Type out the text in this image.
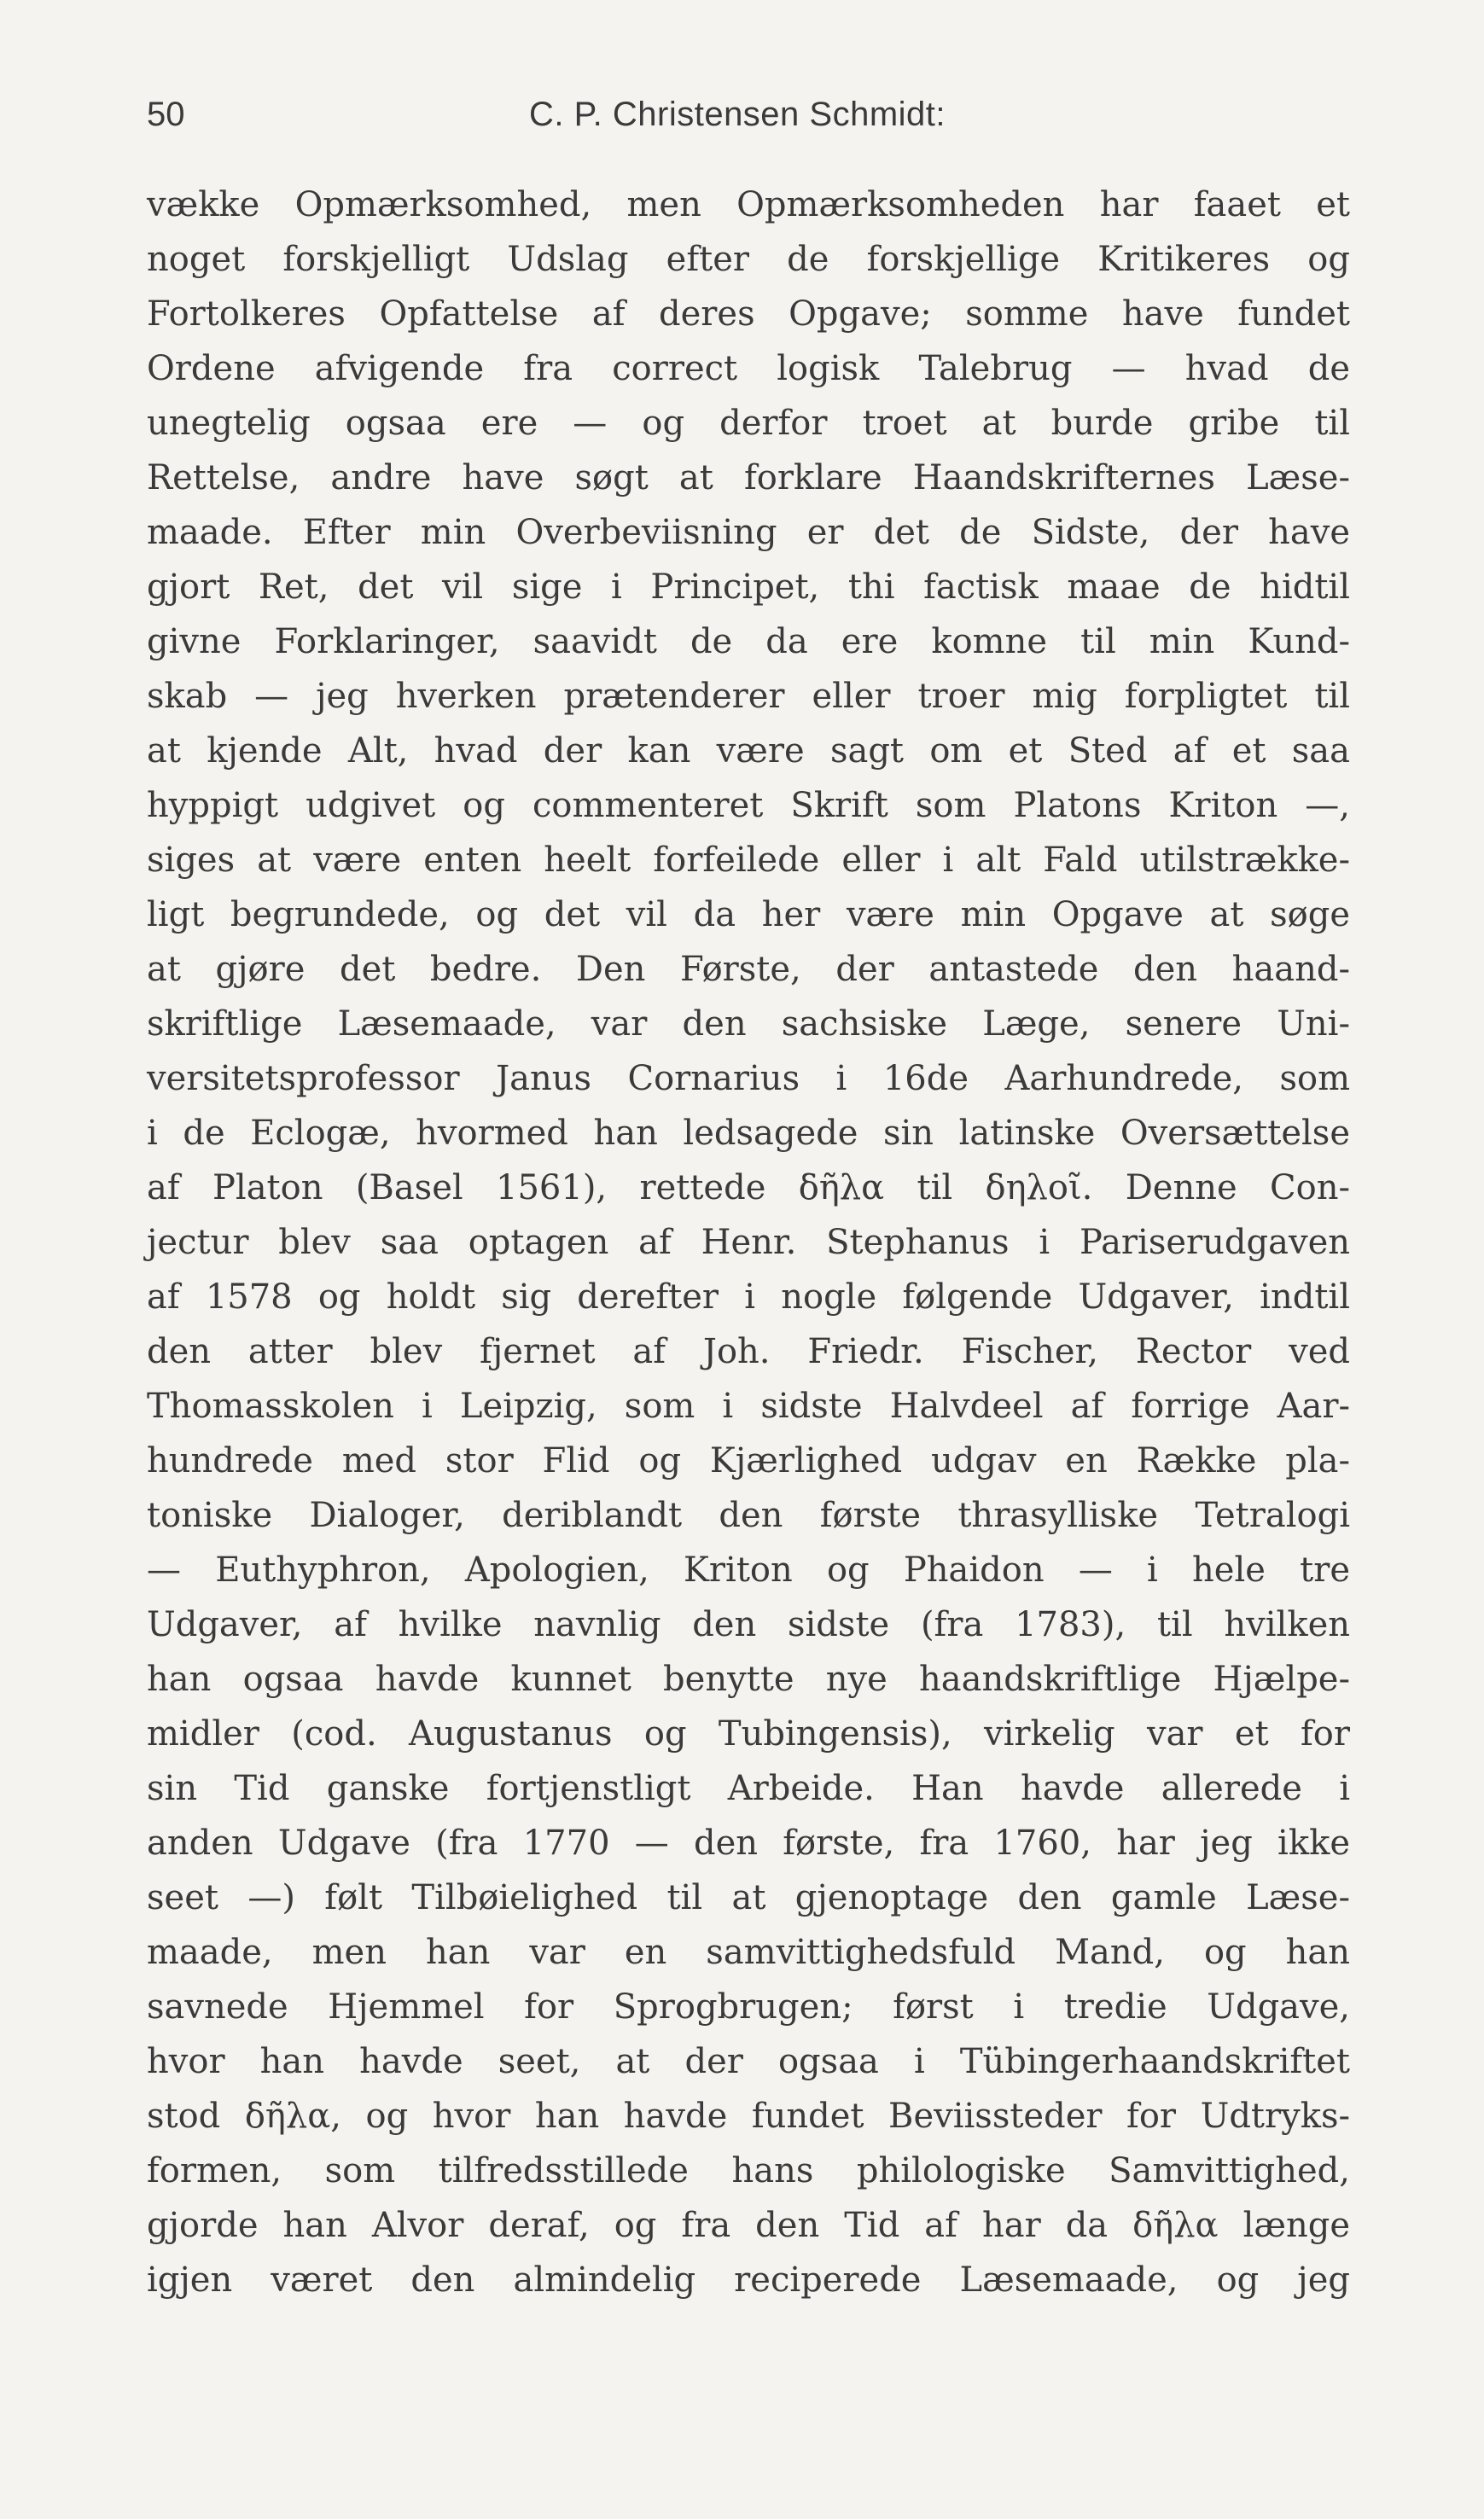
50	C. P. Christensen Schmidt:
vække Opmærksomhed, men Opmærksomheden har faaet et
noget forskjelligt Udslag efter de forskjellige Kritikeres og
Fortolkeres Opfattelse af deres Opgave; somme have fundet
Ordene afvigende fra correct logisk Talebrug — hvad de
unegtelig ogsaa ere — og derfor troet at burde gribe til
Rettelse, andre have søgt at forklare Haandskrifternes Læse-
maade. Efter min Overbeviisning er det de Sidste, der have
gjort Ret, det vil sige i Principet, thi factisk maae de hidtil
givne Forklaringer, saavidt de da ere komne til min Kund-
skab — jeg hverken prætenderer eller troer mig forpligtet til
at kjende Alt, hvad der kan være sagt om et Sted af et saa
hyppigt udgivet og commenteret Skrift som Platons Kriton —,
siges at være enten heelt forfeilede eller i alt Fald utilstrække-
ligt begrundede, og det vil da her være min Opgave at søge
at gjøre det bedre. Den Første, der antastede den haand-
skriftlige Læsemaade, var den sachsiske Læge, senere Uni-
versitetsprofessor Janus Cornarius i 16de Aarhundrede, som
i de Eclogæ, hvormed han ledsagede sin latinske Oversættelse
af Platon (Basel 1561), rettede δῆλα til δηλοῖ. Denne Con-
jectur blev saa optagen af Henr. Stephanus i Pariserudgaven
af 1578 og holdt sig derefter i nogle følgende Udgaver, indtil
den atter blev fjernet af Joh. Friedr. Fischer, Rector ved
Thomasskolen i Leipzig, som i sidste Halvdeel af forrige Aar-
hundrede med stor Flid og Kjærlighed udgav en Række pla-
toniske Dialoger, deriblandt den første thrasylliske Tetralogi
— Euthyphron, Apologien, Kriton og Phaidon — i hele tre
Udgaver, af hvilke navnlig den sidste (fra 1783), til hvilken
han ogsaa havde kunnet benytte nye haandskriftlige Hjælpe-
midler (cod. Augustanus og Tubingensis), virkelig var et for
sin Tid ganske fortjenstligt Arbeide. Han havde allerede i
anden Udgave (fra 1770 — den første, fra 1760, har jeg ikke
seet —) følt Tilbøielighed til at gjenoptage den gamle Læse-
maade, men han var en samvittighedsfuld Mand, og han
savnede Hjemmel for Sprogbrugen; først i tredie Udgave,
hvor han havde seet, at der ogsaa i Tübingerhaandskriftet
stod δῆλα, og hvor han havde fundet Beviissteder for Udtryks-
formen, som tilfredsstillede hans philologiske Samvittighed,
gjorde han Alvor deraf, og fra den Tid af har da δῆλα længe
igjen været den almindelig reciperede Læsemaade, og jeg
